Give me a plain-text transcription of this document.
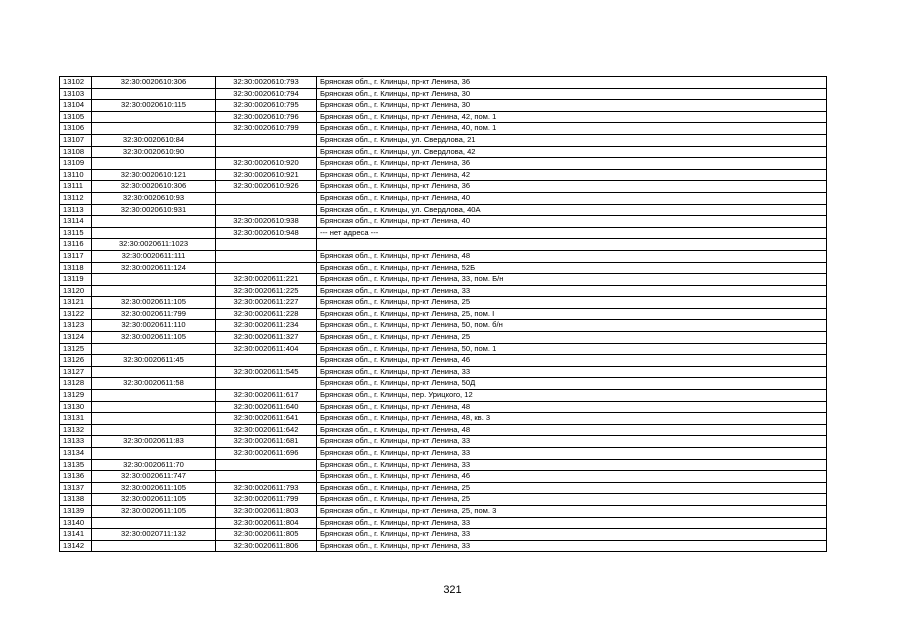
13102	32:30:0020610:306	32:30:0020610:793	Брянская обл., г. Клинцы, пр-кт Ленина, 36
13103		32:30:0020610:794	Брянская обл., г. Клинцы, пр-кт Ленина, 30
13104	32:30:0020610:115	32:30:0020610:795	Брянская обл., г. Клинцы, пр-кт Ленина, 30
13105		32:30:0020610:796	Брянская обл., г. Клинцы, пр-кт Ленина, 42, пом. 1
13106		32:30:0020610:799	Брянская обл., г. Клинцы, пр-кт Ленина, 40, пом. 1
13107	32:30:0020610:84		Брянская обл., г. Клинцы, ул. Свердлова, 21
13108	32:30:0020610:90		Брянская обл., г. Клинцы, ул. Свердлова, 42
13109		32:30:0020610:920	Брянская обл., г. Клинцы, пр-кт Ленина, 36
13110	32:30:0020610:121	32:30:0020610:921	Брянская обл., г. Клинцы, пр-кт Ленина, 42
13111	32:30:0020610:306	32:30:0020610:926	Брянская обл., г. Клинцы, пр-кт Ленина, 36
13112	32:30:0020610:93		Брянская обл., г. Клинцы, пр-кт Ленина, 40
13113	32:30:0020610:931		Брянская обл., г. Клинцы, ул. Свердлова, 40А
13114		32:30:0020610:938	Брянская обл., г. Клинцы, пр-кт Ленина, 40
13115		32:30:0020610:948	--- нет адреса ---
13116	32:30:0020611:1023		
13117	32:30:0020611:111		Брянская обл., г. Клинцы, пр-кт Ленина, 48
13118	32:30:0020611:124		Брянская обл., г. Клинцы, пр-кт Ленина, 52Б
13119		32:30:0020611:221	Брянская обл., г. Клинцы, пр-кт Ленина, 33, пом. Б/н
13120		32:30:0020611:225	Брянская обл., г. Клинцы, пр-кт Ленина, 33
13121	32:30:0020611:105	32:30:0020611:227	Брянская обл., г. Клинцы, пр-кт Ленина, 25
13122	32:30:0020611:799	32:30:0020611:228	Брянская обл., г. Клинцы, пр-кт Ленина, 25, пом. I
13123	32:30:0020611:110	32:30:0020611:234	Брянская обл., г. Клинцы, пр-кт Ленина, 50, пом. б/н
13124	32:30:0020611:105	32:30:0020611:327	Брянская обл., г. Клинцы, пр-кт Ленина, 25
13125		32:30:0020611:404	Брянская обл., г. Клинцы, пр-кт Ленина, 50, пом. 1
13126	32:30:0020611:45		Брянская обл., г. Клинцы, пр-кт Ленина, 46
13127		32:30:0020611:545	Брянская обл., г. Клинцы, пр-кт Ленина, 33
13128	32:30:0020611:58		Брянская обл., г. Клинцы, пр-кт Ленина, 50Д
13129		32:30:0020611:617	Брянская обл., г. Клинцы, пер. Урицкого, 12
13130		32:30:0020611:640	Брянская обл., г. Клинцы, пр-кт Ленина, 48
13131		32:30:0020611:641	Брянская обл., г. Клинцы, пр-кт Ленина, 48, кв. 3
13132		32:30:0020611:642	Брянская обл., г. Клинцы, пр-кт Ленина, 48
13133	32:30:0020611:83	32:30:0020611:681	Брянская обл., г. Клинцы, пр-кт Ленина, 33
13134		32:30:0020611:696	Брянская обл., г. Клинцы, пр-кт Ленина, 33
13135	32:30:0020611:70		Брянская обл., г. Клинцы, пр-кт Ленина, 33
13136	32:30:0020611:747		Брянская обл., г. Клинцы, пр-кт Ленина, 46
13137	32:30:0020611:105	32:30:0020611:793	Брянская обл., г. Клинцы, пр-кт Ленина, 25
13138	32:30:0020611:105	32:30:0020611:799	Брянская обл., г. Клинцы, пр-кт Ленина, 25
13139	32:30:0020611:105	32:30:0020611:803	Брянская обл., г. Клинцы, пр-кт Ленина, 25, пом. 3
13140		32:30:0020611:804	Брянская обл., г. Клинцы, пр-кт Ленина, 33
13141	32:30:0020711:132	32:30:0020611:805	Брянская обл., г. Клинцы, пр-кт Ленина, 33
13142		32:30:0020611:806	Брянская обл., г. Клинцы, пр-кт Ленина, 33
321
